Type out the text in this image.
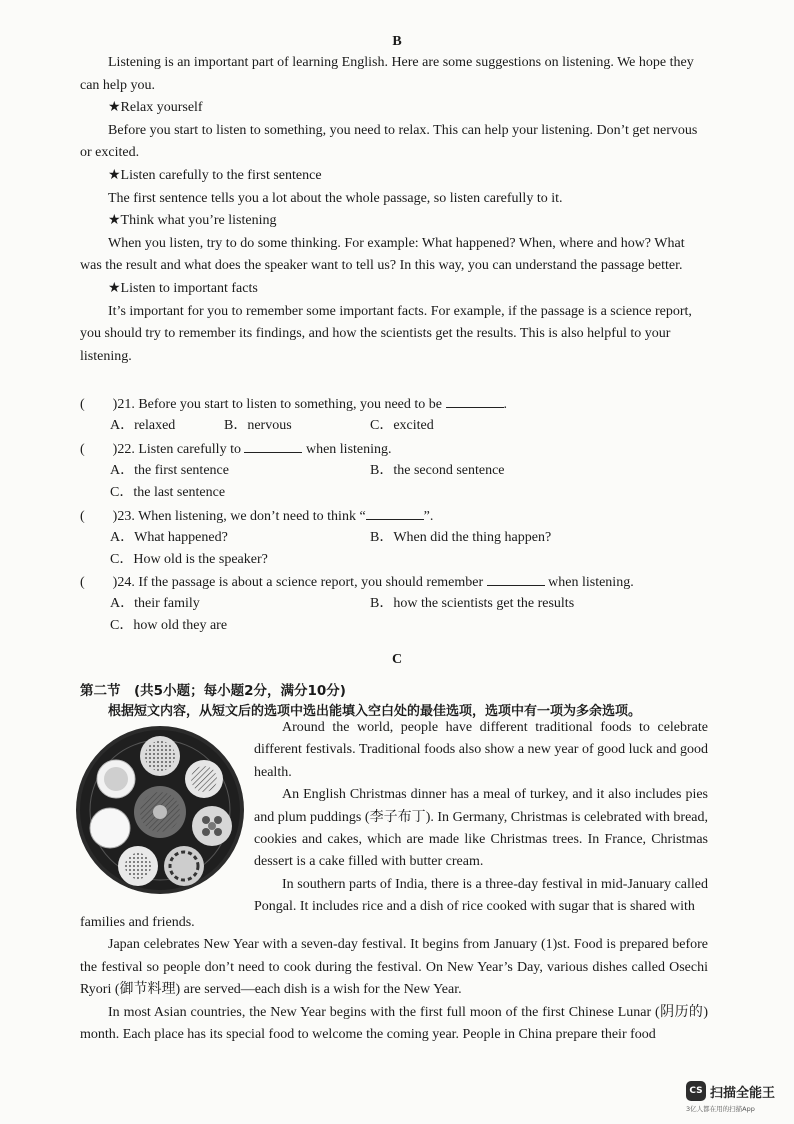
B

Listening is an important part of learning English. Here are some suggestions on listening. We hope they can help you.

★Relax yourself

Before you start to listen to something, you need to relax. This can help your listening. Don’t get nervous or excited.

★Listen carefully to the first sentence

The first sentence tells you a lot about the whole passage, so listen carefully to it.

★Think what you’re listening

When you listen, try to do some thinking. For example: What happened? When, where and how? What was the result and what does the speaker want to tell us? In this way, you can understand the passage better.

★Listen to important facts

It’s important for you to remember some important facts. For example, if the passage is a science report, you should try to remember its findings, and how the scientists get the results. This is also helpful to your listening.

(　　)21. Before you start to listen to something, you need to be	.
A．relaxed	B．nervous	C．excited
(　　)22. Listen carefully to	when listening.
A．the first sentence	B．the second sentence
C．the last sentence
(　　)23. When listening, we don’t need to think “	”.
A．What happened?	B．When did the thing happen?
C．How old is the speaker?
(　　)24. If the passage is about a science report, you should remember	when listening.
A．their family	B．how the scientists get the results
C．how old they are
C
第二节　(共5小题；每小题2分，满分10分)
根据短文内容，从短文后的选项中选出能填入空白处的最佳选项，选项中有一项为多余选项。

Around the world, people have different traditional foods to celebrate different festivals. Traditional foods also show a new year of good luck and good health.

An English Christmas dinner has a meal of turkey, and it also includes pies and plum puddings (李子布丁). In Germany, Christmas is celebrated with bread, cookies and cakes, which are made like Christmas trees. In France, Christmas dessert is a cake filled with butter cream.

In southern parts of India, there is a three-day festival in mid-January called Pongal. It includes rice and a dish of rice cooked with sugar that is shared with

families and friends.

Japan celebrates New Year with a seven-day festival. It begins from January (1)st. Food is prepared before the festival so people don’t need to cook during the festival. On New Year’s Day, various dishes called Osechi Ryori (御节料理) are served—each dish is a wish for the New Year.

In most Asian countries, the New Year begins with the first full moon of the first Chinese Lunar (阴历的) month. Each place has its special food to welcome the coming year. People in China prepare their food

CS 扫描全能王
3亿人都在用的扫描App
